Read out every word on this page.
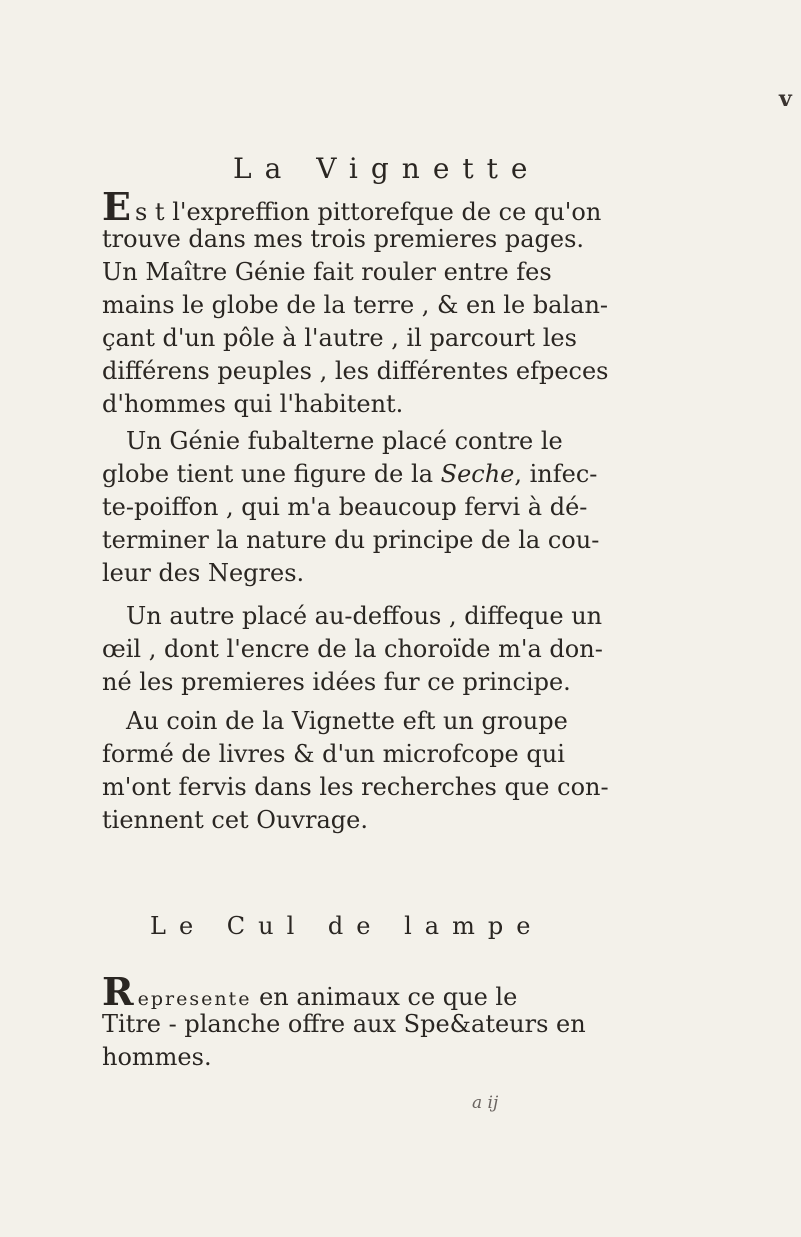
v
La Vignette
Es t l'expreffion pittorefque de ce qu'on
trouve dans mes trois premieres pages.
Un Maître Génie fait rouler entre fes
mains le globe de la terre , & en le balan-
çant d'un pôle à l'autre , il parcourt les
différens peuples , les différentes efpeces
d'hommes qui l'habitent.
Un Génie fubalterne placé contre le
globe tient une figure de la Seche, infec-
te-poiffon , qui m'a beaucoup fervi à dé-
terminer la nature du principe de la cou-
leur des Negres.
Un autre placé au-deffous , diffeque un
œil , dont l'encre de la choroïde m'a don-
né les premieres idées fur ce principe.
Au coin de la Vignette eft un groupe
formé de livres & d'un microfcope qui
m'ont fervis dans les recherches que con-
tiennent cet Ouvrage.
Le Cul de lampe
Represente en animaux ce que le
Titre - planche offre aux Spe&ateurs en
hommes.
a ij
